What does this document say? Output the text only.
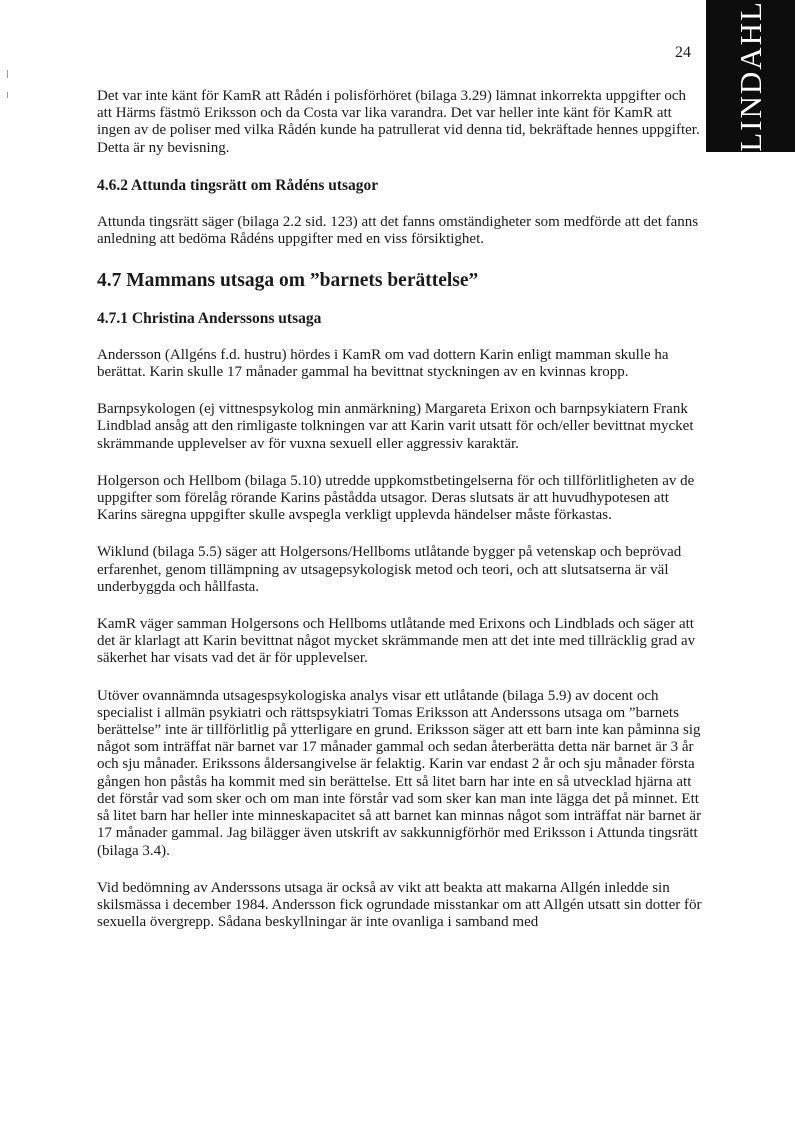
LINDAHL
24

Det var inte känt för KamR att Rådén i polisförhöret (bilaga 3.29) lämnat inkorrekta uppgifter och att Härms fästmö Eriksson och da Costa var lika varandra. Det var heller inte känt för KamR att ingen av de poliser med vilka Rådén kunde ha patrullerat vid denna tid, bekräftade hennes uppgifter. Detta är ny bevisning.

4.6.2 Attunda tingsrätt om Rådéns utsagor

Attunda tingsrätt säger (bilaga 2.2 sid. 123) att det fanns omständigheter som medförde att det fanns anledning att bedöma Rådéns uppgifter med en viss försiktighet.

4.7 Mammans utsaga om ”barnets berättelse”
4.7.1 Christina Anderssons utsaga

Andersson (Allgéns f.d. hustru) hördes i KamR om vad dottern Karin enligt mamman skulle ha berättat. Karin skulle 17 månader gammal ha bevittnat styckningen av en kvinnas kropp.

Barnpsykologen (ej vittnespsykolog min anmärkning) Margareta Erixon och barnpsykiatern Frank Lindblad ansåg att den rimligaste tolkningen var att Karin varit utsatt för och/eller bevittnat mycket skrämmande upplevelser av för vuxna sexuell eller aggressiv karaktär.

Holgerson och Hellbom (bilaga 5.10) utredde uppkomstbetingelserna för och tillförlitligheten av de uppgifter som förelåg rörande Karins påstådda utsagor. Deras slutsats är att huvudhypotesen att Karins säregna uppgifter skulle avspegla verkligt upplevda händelser måste förkastas.

Wiklund (bilaga 5.5) säger att Holgersons/Hellboms utlåtande bygger på vetenskap och beprövad erfarenhet, genom tillämpning av utsagepsykologisk metod och teori, och att slutsatserna är väl underbyggda och hållfasta.

KamR väger samman Holgersons och Hellboms utlåtande med Erixons och Lindblads och säger att det är klarlagt att Karin bevittnat något mycket skrämmande men att det inte med tillräcklig grad av säkerhet har visats vad det är för upplevelser.

Utöver ovannämnda utsagespsykologiska analys visar ett utlåtande (bilaga 5.9) av docent och specialist i allmän psykiatri och rättspsykiatri Tomas Eriksson att Anderssons utsaga om ”barnets berättelse” inte är tillförlitlig på ytterligare en grund. Eriksson säger att ett barn inte kan påminna sig något som inträffat när barnet var 17 månader gammal och sedan återberätta detta när barnet är 3 år och sju månader. Erikssons åldersangivelse är felaktig. Karin var endast 2 år och sju månader första gången hon påstås ha kommit med sin berättelse. Ett så litet barn har inte en så utvecklad hjärna att det förstår vad som sker och om man inte förstår vad som sker kan man inte lägga det på minnet. Ett så litet barn har heller inte minneskapacitet så att barnet kan minnas något som inträffat när barnet är 17 månader gammal. Jag bilägger även utskrift av sakkunnigförhör med Eriksson i Attunda tingsrätt (bilaga 3.4).

Vid bedömning av Anderssons utsaga är också av vikt att beakta att makarna Allgén inledde sin skilsmässa i december 1984. Andersson fick ogrundade misstankar om att Allgén utsatt sin dotter för sexuella övergrepp. Sådana beskyllningar är inte ovanliga i samband med
